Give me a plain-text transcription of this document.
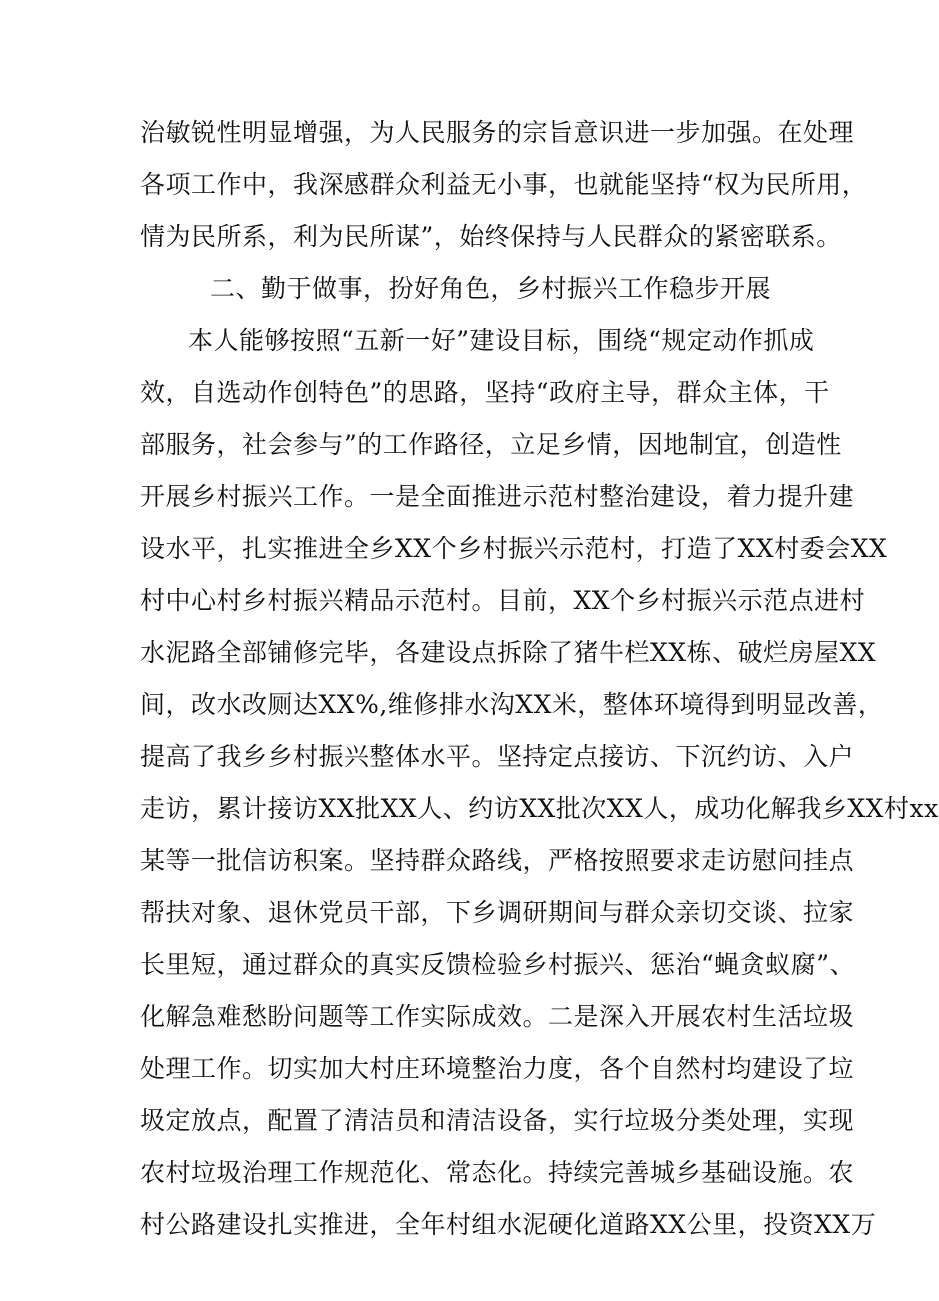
治敏锐性明显增强，为人民服务的宗旨意识进一步加强。在处理
各项工作中，我深感群众利益无小事，也就能坚持“权为民所用，
情为民所系，利为民所谋”，始终保持与人民群众的紧密联系。
二、勤于做事，扮好角色，乡村振兴工作稳步开展
本人能够按照“五新一好”建设目标，围绕“规定动作抓成
效，自选动作创特色”的思路，坚持“政府主导，群众主体，干
部服务，社会参与”的工作路径，立足乡情，因地制宜，创造性
开展乡村振兴工作。一是全面推进示范村整治建设，着力提升建
设水平，扎实推进全乡XX个乡村振兴示范村，打造了XX村委会XX
村中心村乡村振兴精品示范村。目前，XX个乡村振兴示范点进村
水泥路全部铺修完毕，各建设点拆除了猪牛栏XX栋、破烂房屋XX
间，改水改厕达XX%,维修排水沟XX米，整体环境得到明显改善，
提高了我乡乡村振兴整体水平。坚持定点接访、下沉约访、入户
走访，累计接访XX批XX人、约访XX批次XX人，成功化解我乡XX村xx
某等一批信访积案。坚持群众路线，严格按照要求走访慰问挂点
帮扶对象、退休党员干部，下乡调研期间与群众亲切交谈、拉家
长里短，通过群众的真实反馈检验乡村振兴、惩治“蝇贪蚁腐”、
化解急难愁盼问题等工作实际成效。二是深入开展农村生活垃圾
处理工作。切实加大村庄环境整治力度，各个自然村均建设了垃
圾定放点，配置了清洁员和清洁设备，实行垃圾分类处理，实现
农村垃圾治理工作规范化、常态化。持续完善城乡基础设施。农
村公路建设扎实推进，全年村组水泥硬化道路XX公里，投资XX万
